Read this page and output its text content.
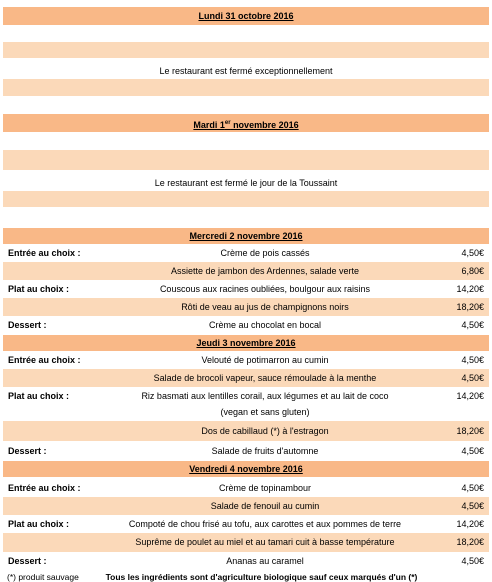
Lundi 31 octobre 2016
Le restaurant est fermé exceptionnellement
Mardi 1er novembre 2016
Le restaurant est fermé le jour de la Toussaint
Mercredi 2 novembre 2016
Entrée au choix :	Crème de pois cassés	4,50€
Assiette de jambon des Ardennes, salade verte	6,80€
Plat au choix :	Couscous aux racines oubliées, boulgour aux raisins	14,20€
Rôti de veau au jus de champignons noirs	18,20€
Dessert :	Crème au chocolat en bocal	4,50€
Jeudi 3 novembre 2016
Entrée au choix :	Velouté de potimarron au cumin	4,50€
Salade de brocoli vapeur, sauce rémoulade à la menthe	4,50€
Plat au choix :	Riz basmati aux lentilles corail, aux légumes et au lait de coco
(vegan et sans gluten)
14,20€
Dos de cabillaud (*) à l'estragon	18,20€
Dessert :	Salade de fruits d'automne	4,50€
Vendredi 4 novembre 2016
Entrée au choix :	Crème de topinambour	4,50€
Salade de fenouil au cumin	4,50€
Plat au choix :	Compoté de chou frisé au tofu, aux carottes et aux pommes de terre	14,20€
Suprême de poulet au miel et au tamari cuit à basse température	18,20€
Dessert :	Ananas au caramel	4,50€
(*) produit sauvage	Tous les ingrédients sont d'agriculture biologique sauf ceux marqués d'un (*)
